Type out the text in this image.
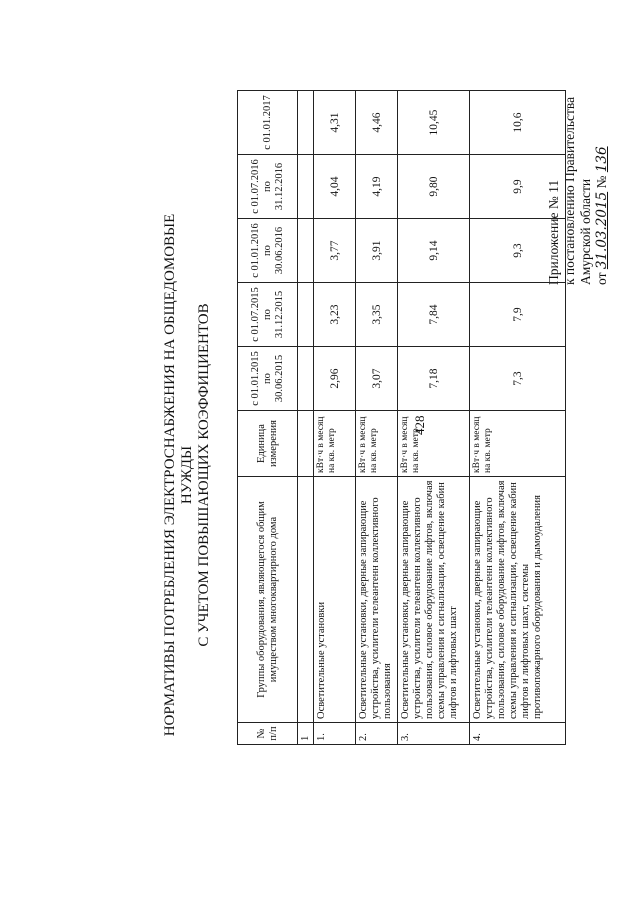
428
Приложение № 11 к постановлению Правительства Амурской области от 31.03.2015 № 136
НОРМАТИВЫ ПОТРЕБЛЕНИЯ ЭЛЕКТРОСНАБЖЕНИЯ НА ОБЩЕДОМОВЫЕ НУЖДЫ С УЧЕТОМ ПОВЫШАЮЩИХ КОЭФФИЦИЕНТОВ
№ п/п	Группы оборудования, являющегося общим имуществом многоквартирного дома	Единица измерения	с 01.01.2015 по 30.06.2015	с 01.07.2015 по 31.12.2015	с 01.01.2016 по 30.06.2016	с 01.07.2016 по 31.12.2016	с 01.01.2017
1							
1.	Осветительные установки	кВт·ч в месяц на кв. метр	2,96	3,23	3,77	4,04	4,31
2.	Осветительные установки, дверные запирающие устройства, усилители телеантенн коллективного пользования	кВт·ч в месяц на кв. метр	3,07	3,35	3,91	4,19	4,46
3.	Осветительные установки, дверные запирающие устройства, усилители телеантенн коллективного пользования, силовое оборудование лифтов, включая схемы управления и сигнализации, освещение кабин лифтов и лифтовых шахт	кВт·ч в месяц на кв. метр	7,18	7,84	9,14	9,80	10,45
4.	Осветительные установки, дверные запирающие устройства, усилители телеантенн коллективного пользования, силовое оборудование лифтов, включая схемы управления и сигнализации, освещение кабин лифтов и лифтовых шахт, системы противопожарного оборудования и дымоудаления	кВт·ч в месяц на кв. метр	7,3	7,9	9,3	9,9	10,6
